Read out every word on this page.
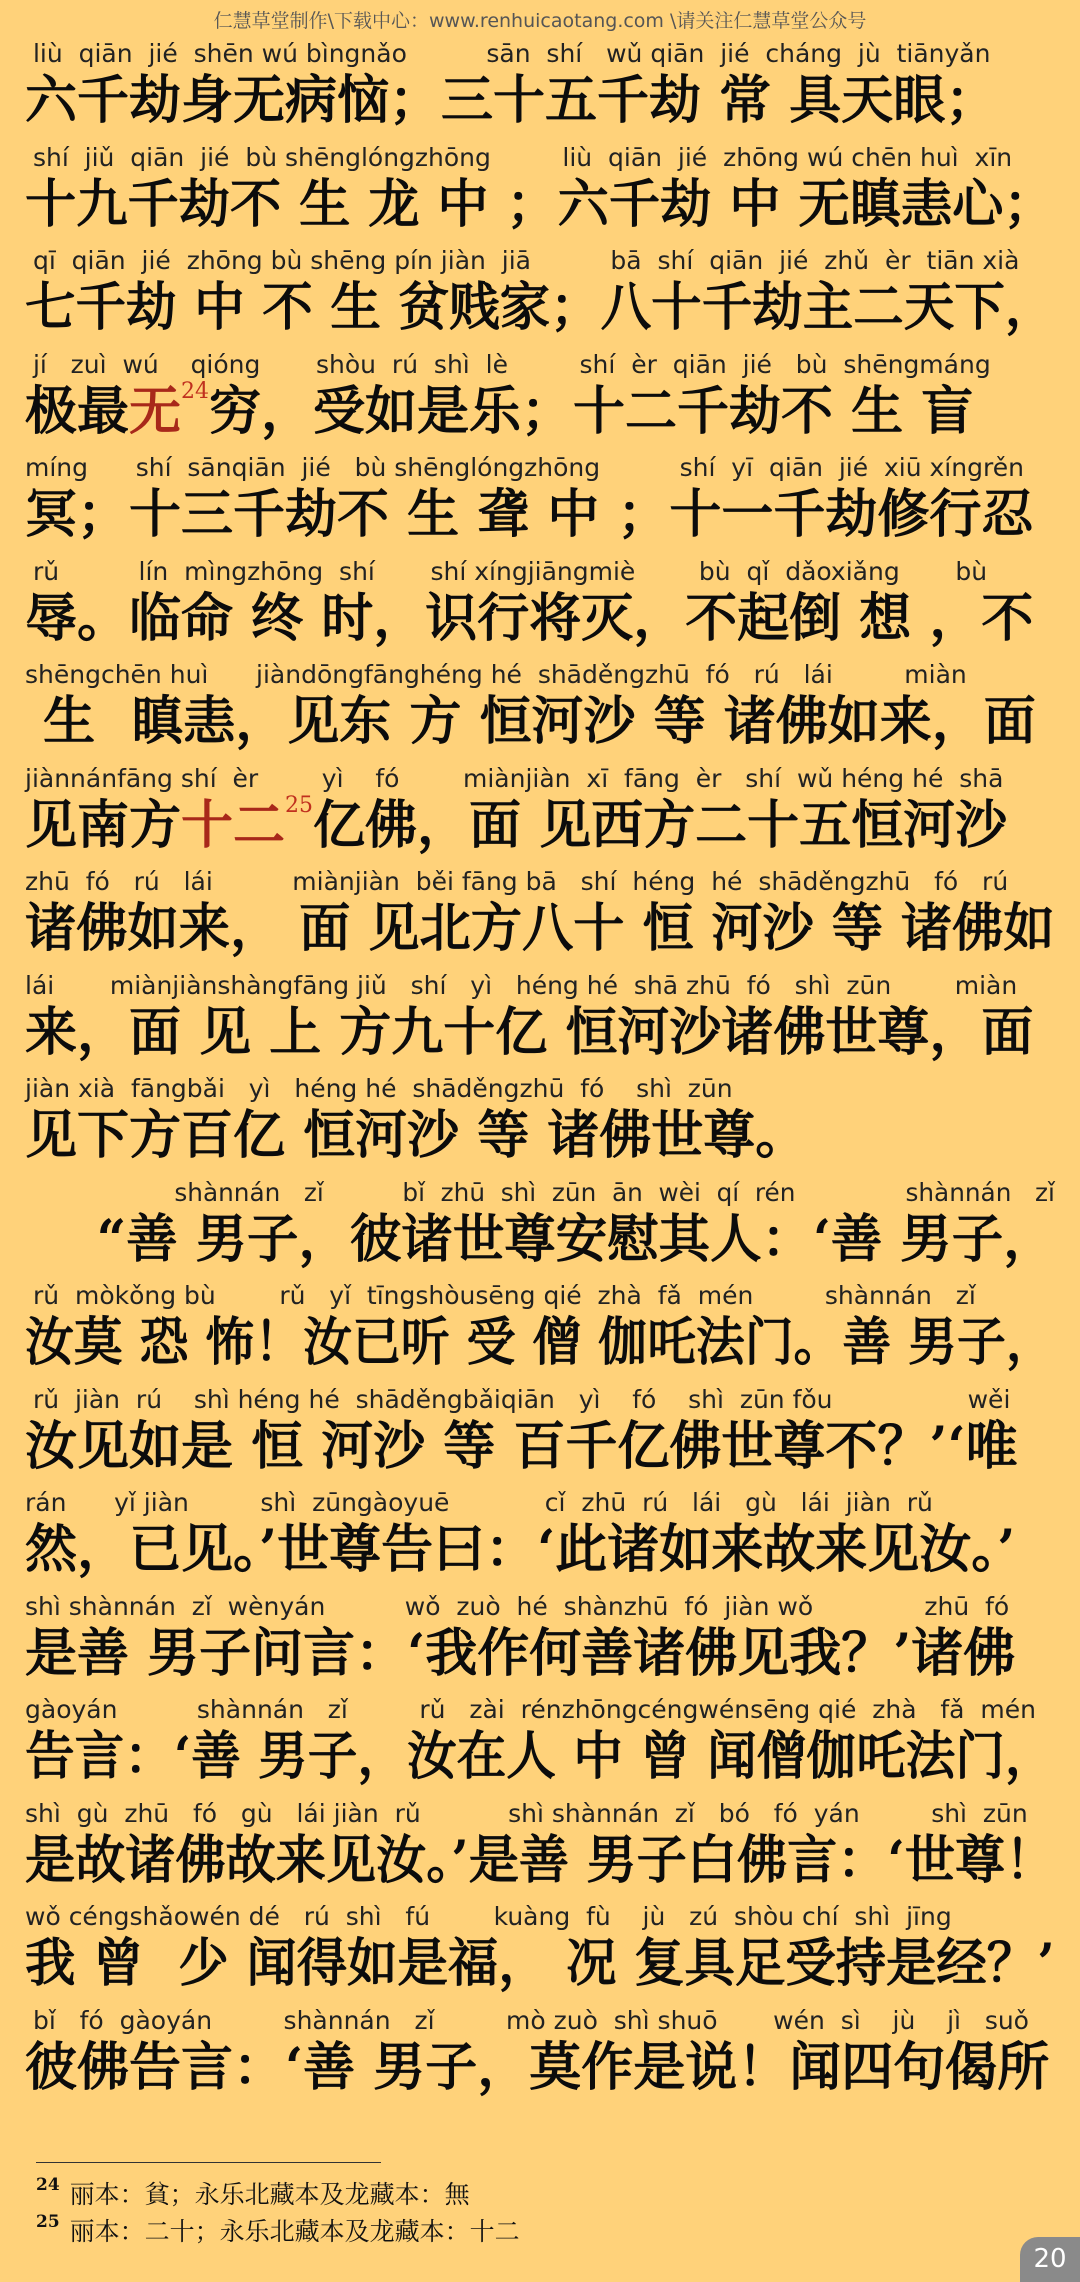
仁慧草堂制作\下载中心：www.renhuicaotang.com \请关注仁慧草堂公众号
liù  qiān  jié  shēn wú bìngnǎo          sān  shí   wǔ qiān  jié  cháng  jù  tiānyǎn
六千劫身无病恼；三十五千劫 常 具天眼；
shí  jiǔ  qiān  jié  bù shēnglóngzhōng         liù  qiān  jié  zhōng wú chēn huì  xīn
十九千劫不 生 龙 中 ；六千劫 中 无瞋恚心；
qī  qiān  jié  zhōng bù shēng pín jiàn  jiā          bā  shí  qiān  jié  zhǔ  èr  tiān xià
七千劫 中 不 生 贫贱家；八十千劫主二天下，
jí   zuì  wú    qióng       shòu  rú  shì  lè         shí  èr  qiān  jié   bù  shēngmáng
极最无$^{24}$穷，受如是乐；十二千劫不 生 盲
míng      shí  sānqiān  jié   bù shēnglóngzhōng          shí  yī  qiān  jié  xiū xíngrěn
冥；十三千劫不 生 聋 中 ；十一千劫修行忍
rǔ          lín  mìngzhōng  shí       shí xíngjiāngmiè        bù  qǐ  dǎoxiǎng       bù
辱。临命 终 时，识行将灭，不起倒 想 ，不
shēngchēn huì      jiàndōngfānghéng hé  shāděngzhū  fó   rú   lái         miàn
生  瞋恚，见东 方 恒河沙 等 诸佛如来，面
jiànnánfāng shí  èr        yì    fó        miànjiàn  xī  fāng  èr   shí  wǔ héng hé  shā
见南方十二$^{25}$亿佛，面 见西方二十五恒河沙
zhū  fó   rú   lái          miànjiàn  běi fāng bā   shí  héng  hé  shāděngzhū   fó   rú
诸佛如来， 面 见北方八十 恒 河沙 等 诸佛如
lái       miànjiànshàngfāng jiǔ   shí   yì   héng hé  shā zhū  fó   shì  zūn        miàn
来，面 见 上 方九十亿 恒河沙诸佛世尊，面
jiàn xià  fāngbǎi   yì   héng hé  shāděngzhū  fó    shì  zūn
见下方百亿 恒河沙 等 诸佛世尊。
shànnán   zǐ          bǐ  zhū  shì  zūn  ān  wèi  qí  rén              shànnán   zǐ
“善 男子，彼诸世尊安慰其人：‘善 男子，
rǔ  mòkǒng bù        rǔ   yǐ  tīngshòusēng qié  zhà  fǎ  mén         shànnán   zǐ
汝莫 恐 怖！汝已听 受 僧 伽吒法门。善 男子，
rǔ  jiàn  rú    shì héng hé  shāděngbǎiqiān   yì    fó    shì  zūn fǒu                 wěi
汝见如是 恒 河沙 等 百千亿佛世尊不？’‘唯
rán      yǐ jiàn         shì  zūngàoyuē            cǐ  zhū  rú   lái   gù   lái  jiàn  rǔ
然，已见。’世尊告曰：‘此诸如来故来见汝。’
shì shànnán  zǐ  wènyán          wǒ  zuò  hé  shànzhū  fó  jiàn wǒ              zhū  fó
是善 男子问言：‘我作何善诸佛见我？’诸佛
gàoyán          shànnán   zǐ         rǔ   zài  rénzhōngcéngwénsēng qié  zhà   fǎ  mén
告言：‘善 男子，汝在人 中 曾 闻僧伽吒法门，
shì  gù  zhū   fó   gù   lái jiàn  rǔ           shì shànnán  zǐ   bó   fó  yán         shì  zūn
是故诸佛故来见汝。’是善 男子白佛言：‘世尊！
wǒ céngshǎowén dé   rú  shì   fú        kuàng  fù    jù   zú  shòu chí  shì  jīng
我 曾  少 闻得如是福， 况 复具足受持是经？’
bǐ   fó  gàoyán         shànnán   zǐ         mò zuò  shì shuō       wén  sì    jù    jì   suǒ
彼佛告言：‘善 男子，莫作是说！闻四句偈所
$^{24}$ 丽本：貧；永乐北藏本及龙藏本：無
$^{25}$ 丽本：二十；永乐北藏本及龙藏本：十二
20
